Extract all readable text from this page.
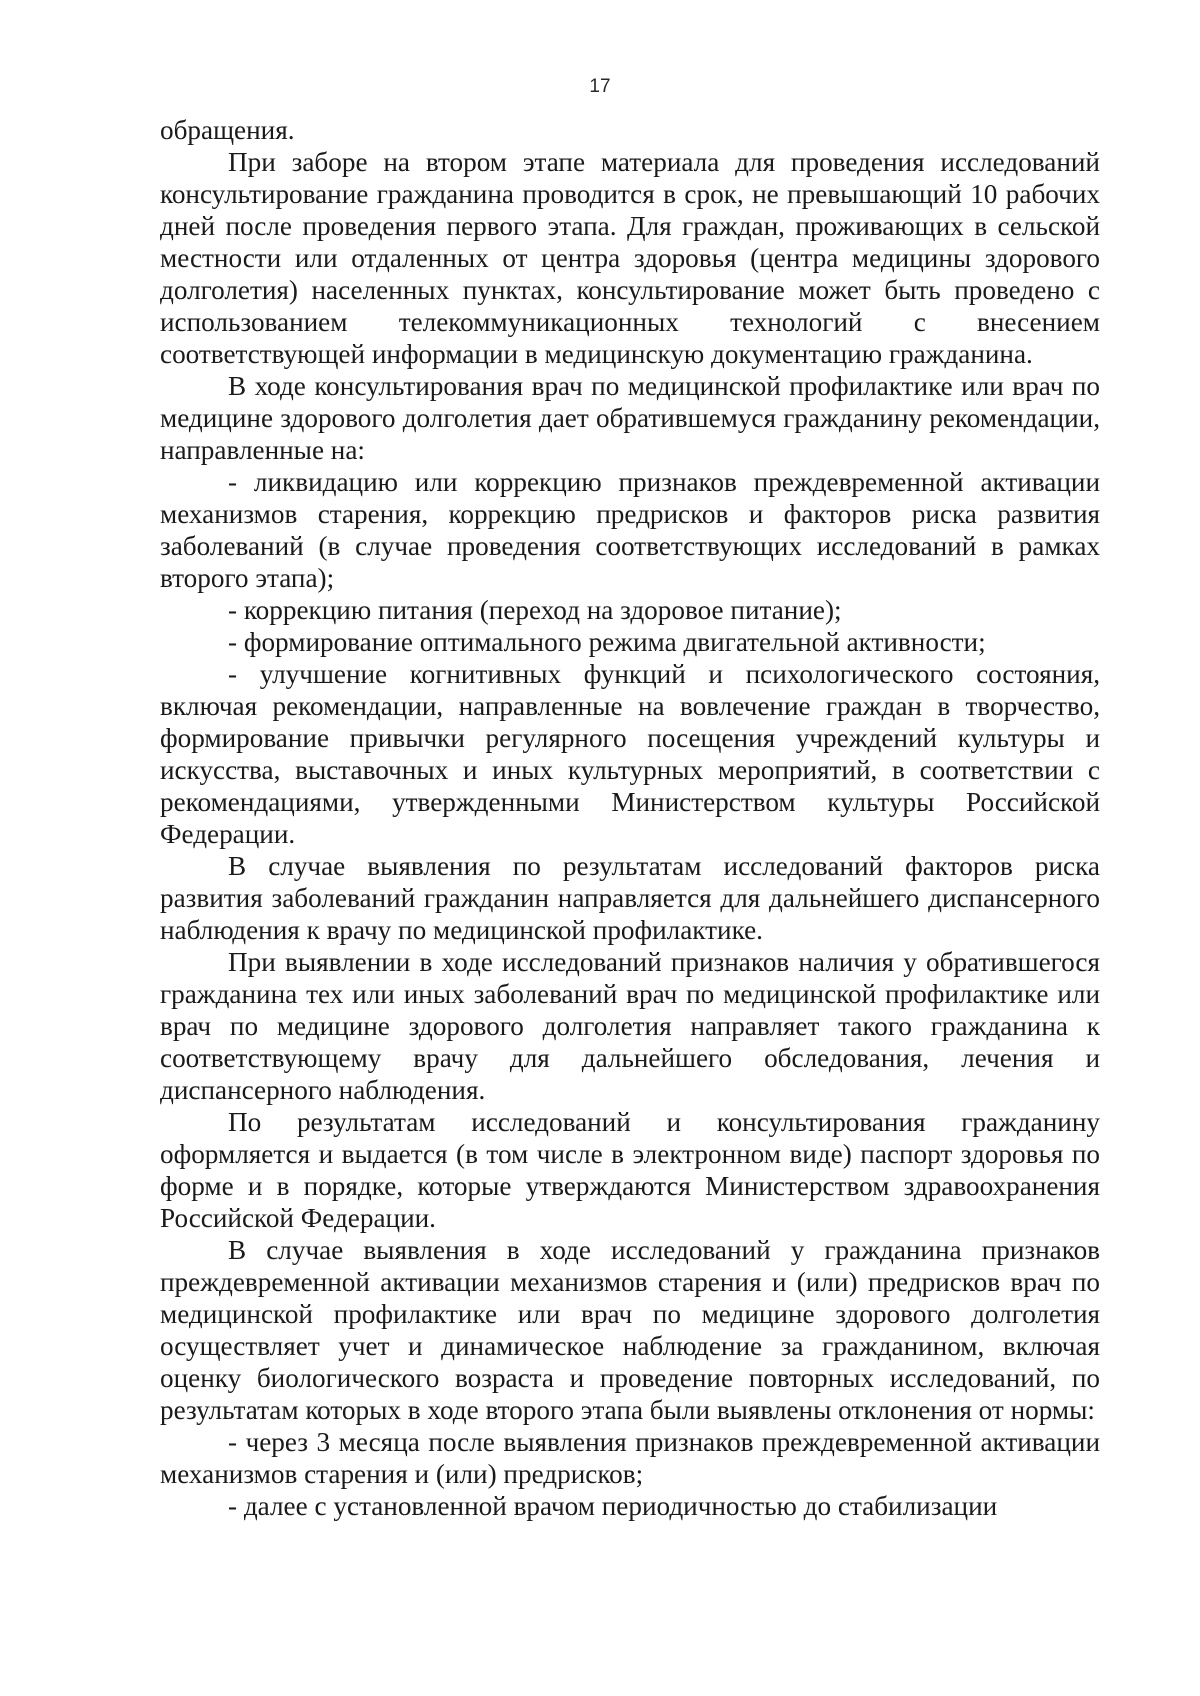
17

обращения.

При заборе на втором этапе материала для проведения исследований консультирование гражданина проводится в срок, не превышающий 10 рабочих дней после проведения первого этапа. Для граждан, проживающих в сельской местности или отдаленных от центра здоровья (центра медицины здорового долголетия) населенных пунктах, консультирование может быть проведено с использованием телекоммуникационных технологий с внесением соответствующей информации в медицинскую документацию гражданина.

В ходе консультирования врач по медицинской профилактике или врач по медицине здорового долголетия дает обратившемуся гражданину рекомендации, направленные на:

- ликвидацию или коррекцию признаков преждевременной активации механизмов старения, коррекцию предрисков и факторов риска развития заболеваний (в случае проведения соответствующих исследований в рамках второго этапа);

- коррекцию питания (переход на здоровое питание);

- формирование оптимального режима двигательной активности;

- улучшение когнитивных функций и психологического состояния, включая рекомендации, направленные на вовлечение граждан в творчество, формирование привычки регулярного посещения учреждений культуры и искусства, выставочных и иных культурных мероприятий, в соответствии с рекомендациями, утвержденными Министерством культуры Российской Федерации.

В случае выявления по результатам исследований факторов риска развития заболеваний гражданин направляется для дальнейшего диспансерного наблюдения к врачу по медицинской профилактике.

При выявлении в ходе исследований признаков наличия у обратившегося гражданина тех или иных заболеваний врач по медицинской профилактике или врач по медицине здорового долголетия направляет такого гражданина к соответствующему врачу для дальнейшего обследования, лечения и диспансерного наблюдения.

По результатам исследований и консультирования гражданину оформляется и выдается (в том числе в электронном виде) паспорт здоровья по форме и в порядке, которые утверждаются Министерством здравоохранения Российской Федерации.

В случае выявления в ходе исследований у гражданина признаков преждевременной активации механизмов старения и (или) предрисков врач по медицинской профилактике или врач по медицине здорового долголетия осуществляет учет и динамическое наблюдение за гражданином, включая оценку биологического возраста и проведение повторных исследований, по результатам которых в ходе второго этапа были выявлены отклонения от нормы:

- через 3 месяца после выявления признаков преждевременной активации механизмов старения и (или) предрисков;

- далее с установленной врачом периодичностью до стабилизации
